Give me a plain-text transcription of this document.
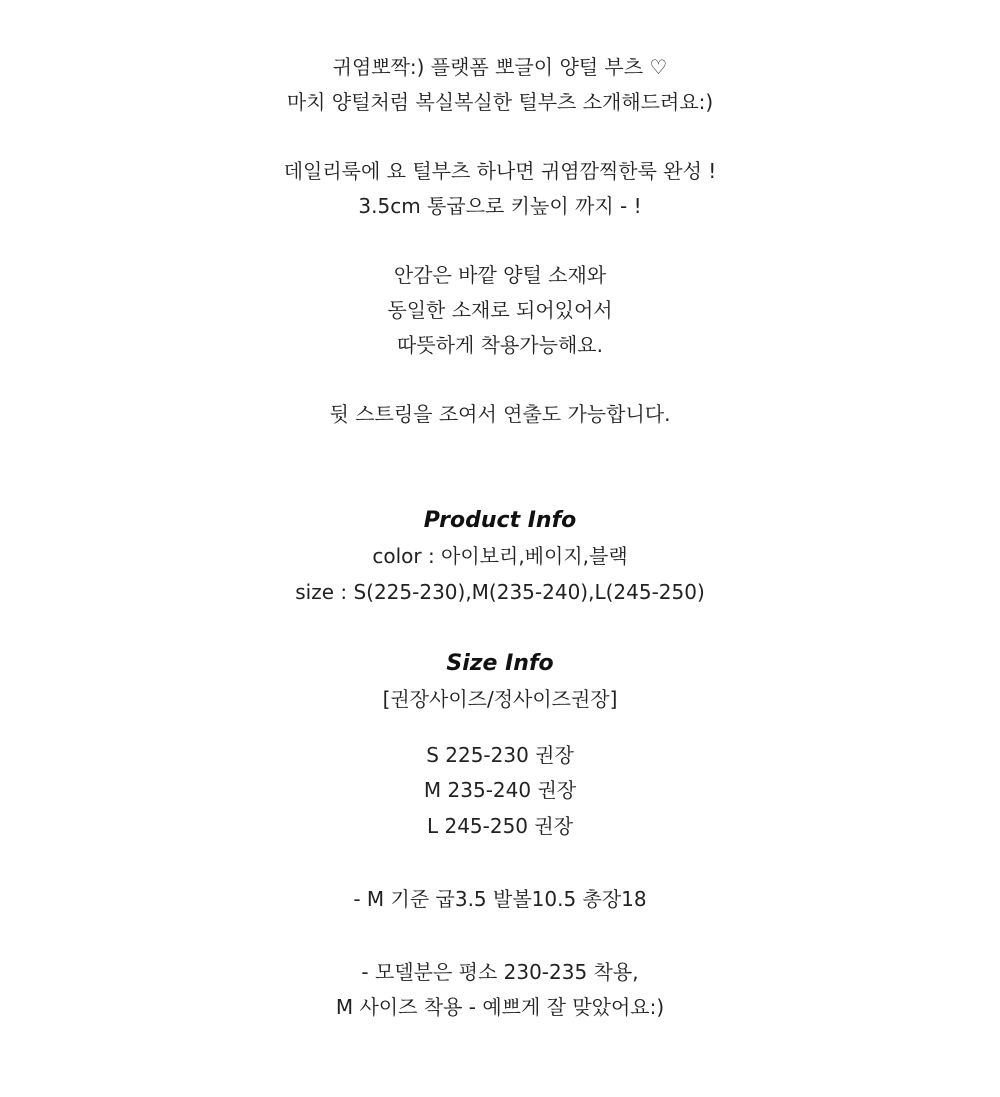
귀염뽀짝:) 플랫폼 뽀글이 양털 부츠 ♡
마치 양털처럼 복실복실한 털부츠 소개해드려요:)
데일리룩에 요 털부츠 하나면 귀염깜찍한룩 완성 !
3.5cm 통굽으로 키높이 까지 - !
안감은 바깥 양털 소재와
동일한 소재로 되어있어서
따뜻하게 착용가능해요.
뒷 스트링을 조여서 연출도 가능합니다.
Product Info
color : 아이보리,베이지,블랙
size : S(225-230),M(235-240),L(245-250)
Size Info
[권장사이즈/정사이즈권장]
S 225-230 권장
M 235-240 권장
L 245-250 권장
- M 기준 굽3.5 발볼10.5 총장18
- 모델분은 평소 230-235 착용,
M 사이즈 착용 - 예쁘게 잘 맞았어요:)
